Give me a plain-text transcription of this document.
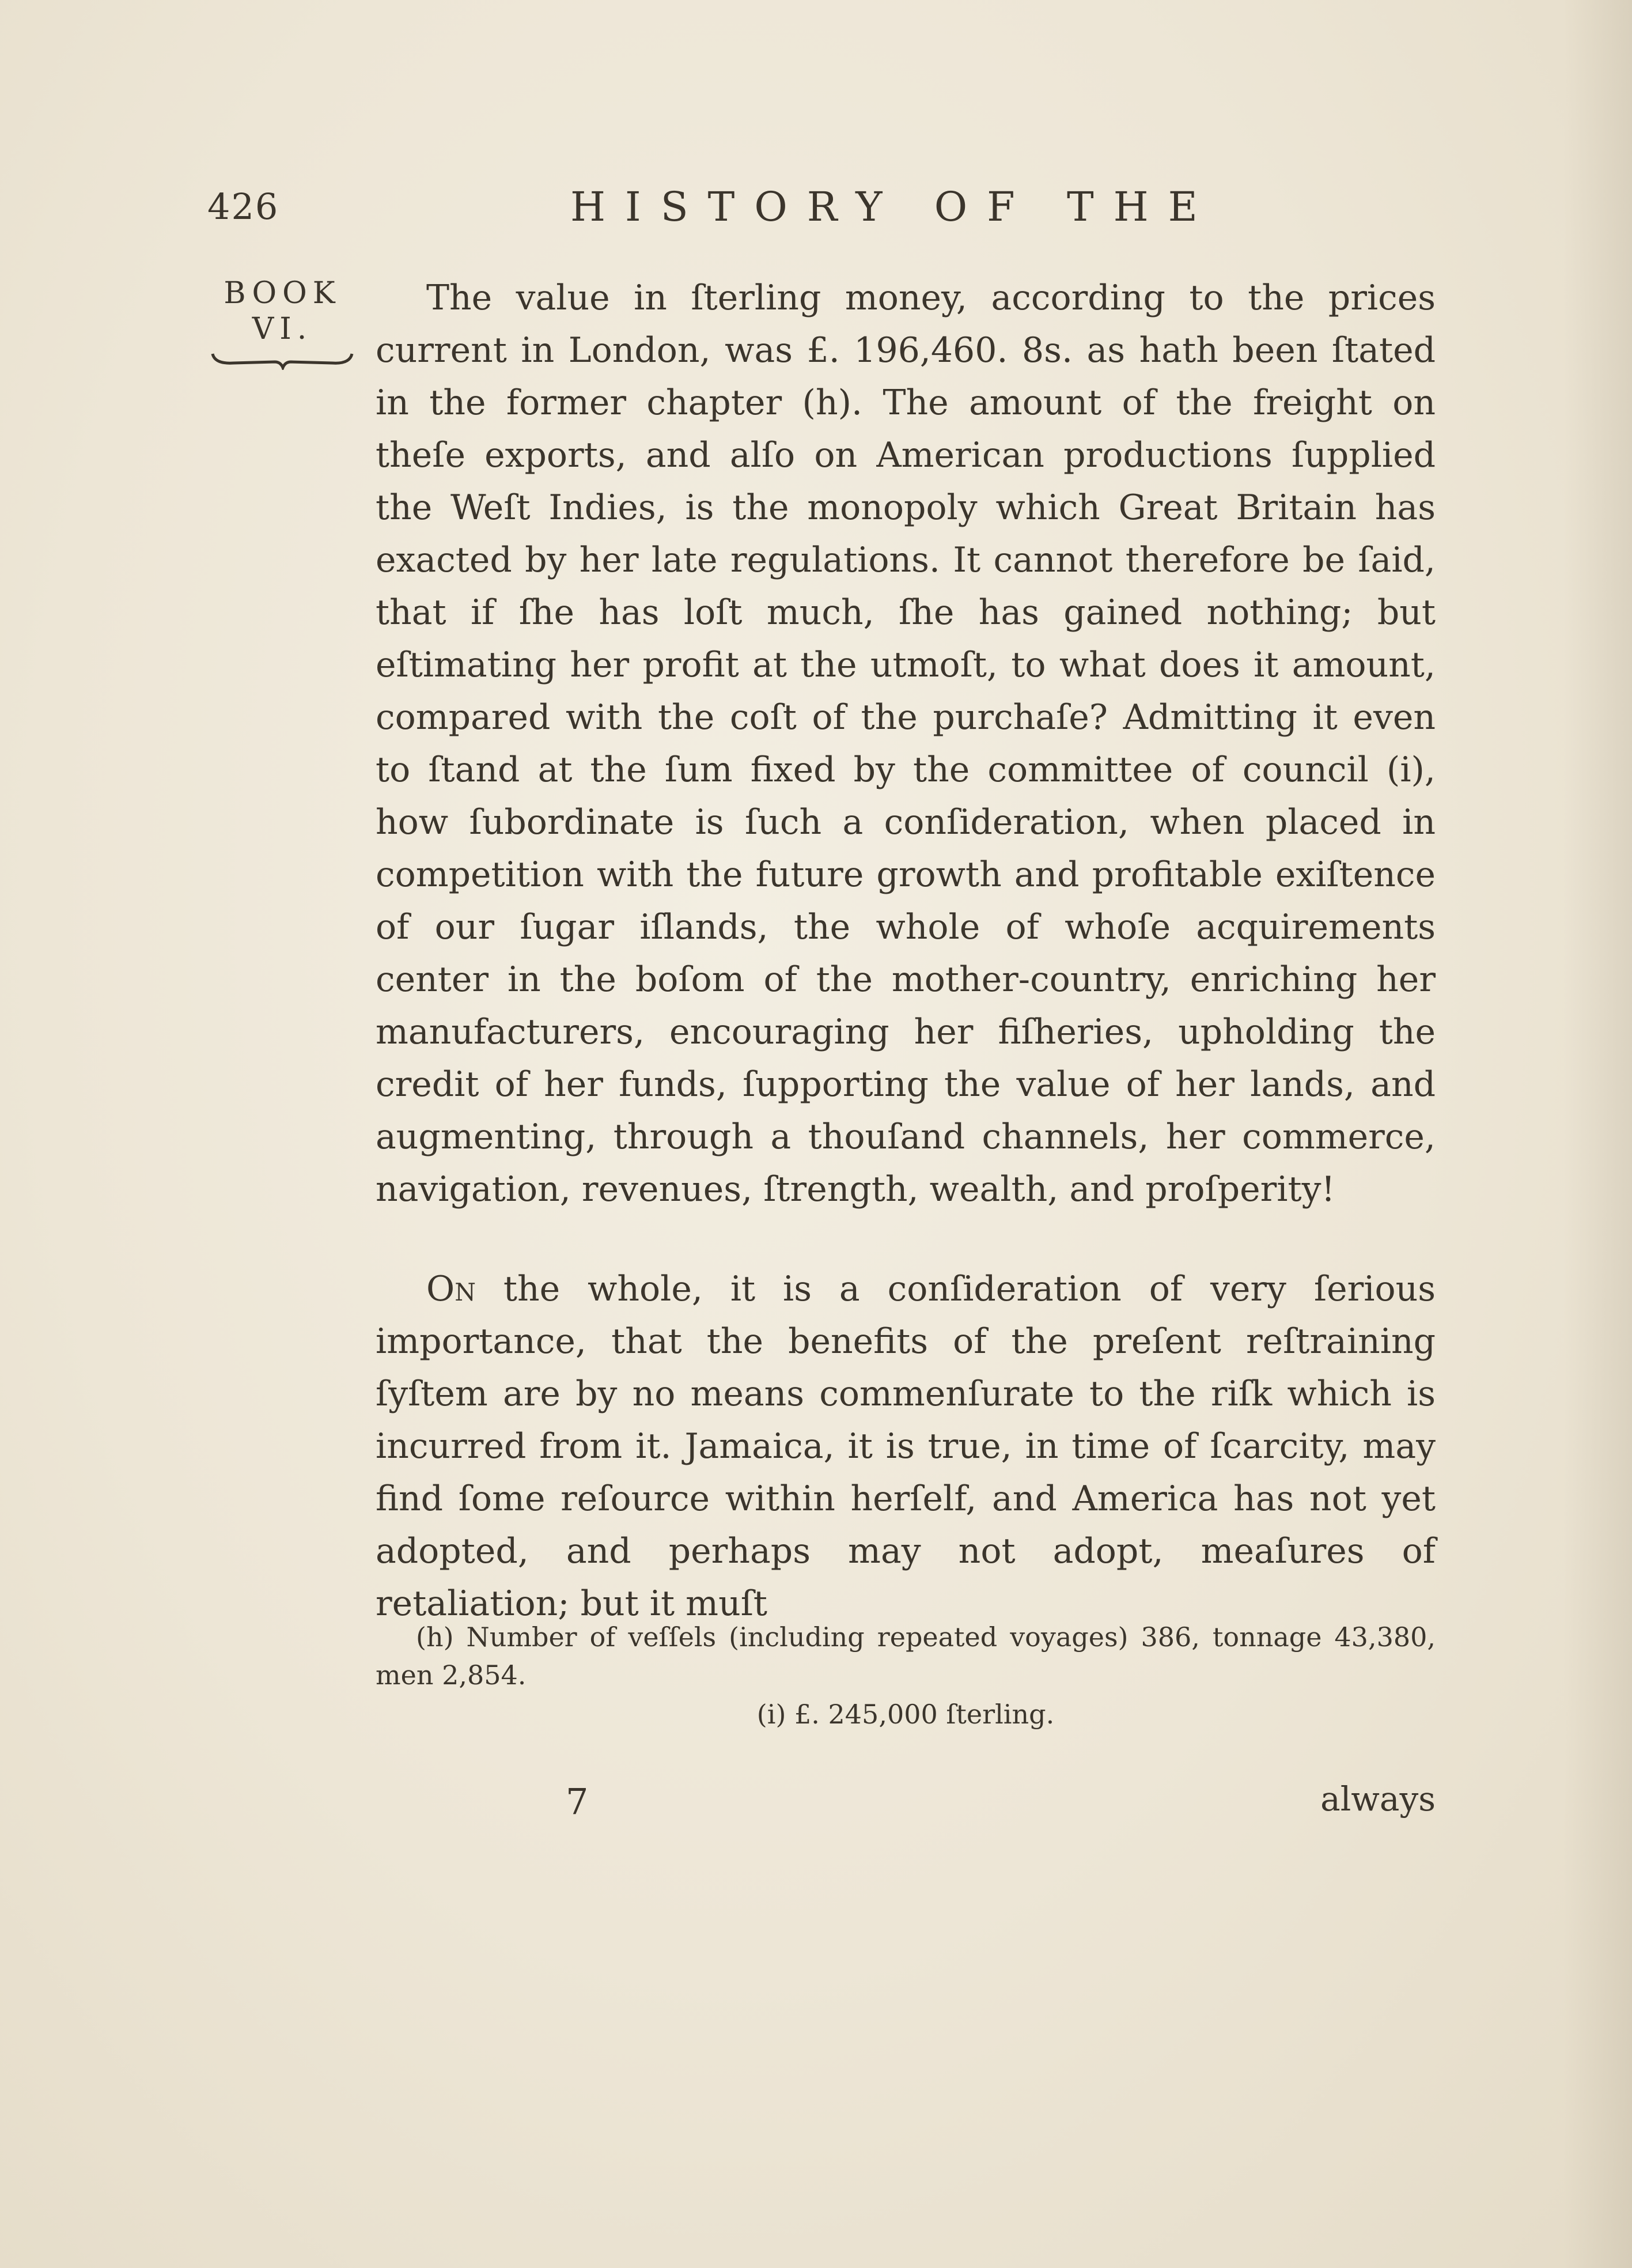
426	HISTORY OF THE
BOOK
VI.

The value in ſterling money, according to the prices current in London, was £. 196,460. 8s. as hath been ſtated in the former chapter (h). The amount of the freight on theſe exports, and alſo on American productions ſupplied the Weſt Indies, is the monopoly which Great Britain has exacted by her late regulations. It cannot therefore be ſaid, that if ſhe has loſt much, ſhe has gained nothing; but eſtimating her profit at the utmoſt, to what does it amount, compared with the coſt of the purchaſe? Admitting it even to ſtand at the ſum fixed by the committee of council (i), how ſubordinate is ſuch a conſideration, when placed in competition with the future growth and profitable exiſtence of our ſugar iſlands, the whole of whoſe acquirements center in the boſom of the mother-country, enriching her manufacturers, encouraging her fiſheries, upholding the credit of her funds, ſupporting the value of her lands, and augmenting, through a thouſand channels, her commerce, navigation, revenues, ſtrength, wealth, and proſperity!

On the whole, it is a conſideration of very ſerious importance, that the benefits of the preſent reſtraining ſyſtem are by no means commenſurate to the riſk which is incurred from it. Jamaica, it is true, in time of ſcarcity, may find ſome reſource within herſelf, and America has not yet adopted, and perhaps may not adopt, meaſures of retaliation; but it muſt

(h) Number of veſſels (including repeated voyages) 386, tonnage 43,380, men 2,854.

(i) £. 245,000 ſterling.

7	always
